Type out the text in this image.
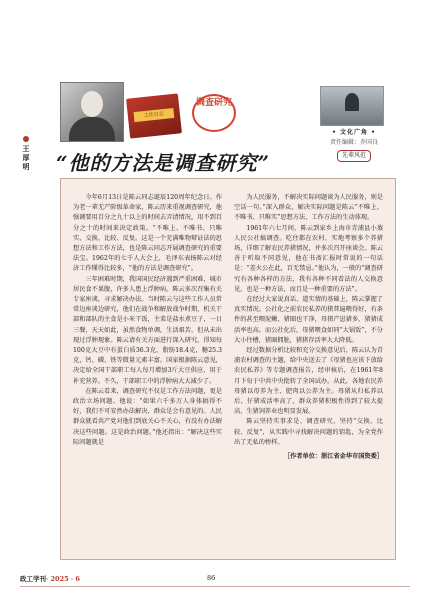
工作日志
调查研究
• 文化广角 •
责任编辑：乔国良
先辈风范
王厚明 “他的方法是调查研究”

今年6月13日是陈云同志诞辰120周年纪念日。作为老一辈无产阶级革命家，陈云历来重视调查研究，他强调要用百分之九十以上的时间去弄清情况，用不到百分之十的时间来决定政策。“不唯上、不唯书、只唯实，交换、比较、反复。这是一个充满唯物辩证法的思想方法和工作方法，也是陈云同志开展调查研究的重要法宝。1962年的七千人大会上，毛泽东表扬陈云对经济工作懂得比较多，“他的方法是调查研究”。

三年困难时期，我国国民经济遇到严重困难，城市居民食不果腹，许多人患上浮肿病。陈云多次召集有关专家座谈，寻求解决办法。当时陈云与这些工作人员常常边座谈边研究，他们在战争和解放战争时期，机关干部和部队的主食是小米干饭，主菜是盐水煮豆子，一日三餐，天天如此，虽然食物单调，生活艰苦，但从未出现过浮肿现象。陈云请有关方面进行深入研究，得知每100克大豆中有蛋白质36.3克，脂肪18.4克，糖25.3克，钙、磷、铁等微量元素丰富。国家根据陈云意见，决定给全国干部职工每人每月增加3斤大豆供应，用于补充营养。不久，干部职工中的浮肿病大大减少了。

在陈云看来，调查研究不仅是工作方法问题，更是政治立场问题。他说：“如果六千多万人身体搞得不好，我们不可安然办法解决，群众是会有意见的。人民群众就看共产党对他们到底关心不关心，有没有办法解决这些问题。这是政治问题。”他还指出：“解决这些实际问题就是

为人民服务，不解决实际问题谈为人民服务，则是空话一句。”深入群众，解决实际问题是陈云“不唯上、不唯书、只唯实”思想方法、工作方法的生动体现。

1961年六七月间，陈云到家乡上海市青浦县小蒸人民公社搞调查。吃住都在农村，实地考察多个养猪场，详细了解农民养猪情况，并多次召开座谈会。陈云善于听取不同意见，他在书斋汇报时常说的一句话是：“差火公在此，百无禁忌。”他认为，一般的“调查研究有各种各样的方法，我有各种不同看法的人交换意见，也是一种方法，而且是一种重要的方法”。

在经过大家说真话、道实情的基础上，陈云掌握了真实情况。公社化之前农民私养的猪普遍喂得好，有条件的甚至喂泥鳅、猪圈也干净，母猪产崽猪多，猪猪成活率也高。而公社化后，母猪喂食如同“大锅饭”，不分大小往槽，猪圈拥脏，猪猪存活率大大降低。

经过数据分析比较和充分交换意见后，陈云认为青浦农村调查的主题，给中央送去了《母猪也应该下放给农民私养》等专题调查报告，经审核后，在1961年8月下旬于中共中央批转了全国试办。从此，各地农民养母猪以母养为主、肥肉以公养为主。母猪从归私养以后、仔猪成活率高了，群众养猪积极性得到了较大提高，生猪饲养业也明显发展。

陈云坚持实事求是、调查研究、坚持“交换、比较、反复”，从实践中寻找解决问题的钥匙，为全党作出了无私的榜样。

［作者单位：浙江省金华市国资委］
政工学刊· 2025 · 6	86
